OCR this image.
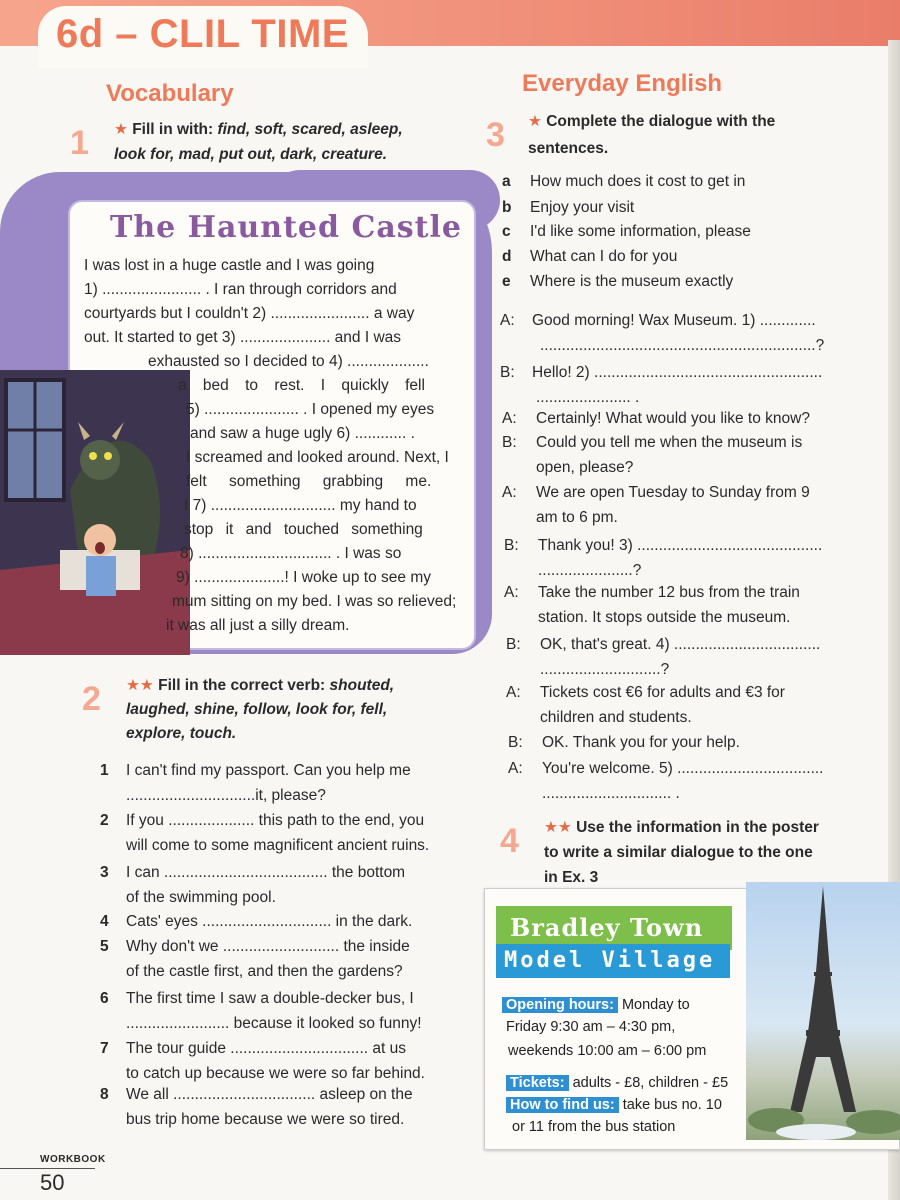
6d – CLIL TIME
Vocabulary
1 ★ Fill in with: find, soft, scared, asleep,
look for, mad, put out, dark, creature.
The Haunted Castle
I was lost in a huge castle and I was going
1) ....................... . I ran through corridors and
courtyards but I couldn't 2) ....................... a way
out. It started to get 3) ..................... and I was
exhausted so I decided to 4) ...................
a bed to rest. I quickly fell
5) ...................... . I opened my eyes
and saw a huge ugly 6) ............ .
I screamed and looked around. Next, I
felt something grabbing me.
I 7) ............................. my hand to
stop it and touched something
8) ............................... . I was so
9) .....................! I woke up to see my
mum sitting on my bed. I was so relieved;
it was all just a silly dream.
2 ★★ Fill in the correct verb: shouted,
laughed, shine, follow, look for, fell,
explore, touch.
1	I can't find my passport. Can you help me
..............................it, please?
2	If you .................... this path to the end, you
will come to some magnificent ancient ruins.
3	I can ...................................... the bottom
of the swimming pool.
4	Cats' eyes .............................. in the dark.
5	Why don't we ........................... the inside
of the castle first, and then the gardens?
6	The first time I saw a double-decker bus, I
........................ because it looked so funny!
7	The tour guide ................................ at us
to catch up because we were so far behind.
8	We all ................................. asleep on the
bus trip home because we were so tired.
Everyday English
3 ★ Complete the dialogue with the
sentences.
a How much does it cost to get in
b Enjoy your visit
c I'd like some information, please
d What can I do for you
e Where is the museum exactly
A:	Good morning! Wax Museum. 1) .............
................................................................?
B:	Hello! 2) .....................................................
...................... .
A:	Certainly! What would you like to know?
B:	Could you tell me when the museum is
open, please?
A:	We are open Tuesday to Sunday from 9
am to 6 pm.
B:	Thank you! 3) ...........................................
......................?
A:	Take the number 12 bus from the train
station. It stops outside the museum.
B:	OK, that's great. 4) ..................................
............................?
A:	Tickets cost €6 for adults and €3 for
children and students.
B:	OK. Thank you for your help.
A:	You're welcome. 5) ..................................
.............................. .
4 ★★ Use the information in the poster
to write a similar dialogue to the one
in Ex. 3
Bradley Town
Model Village
Opening hours: Monday to
Friday 9:30 am – 4:30 pm,
weekends 10:00 am – 6:00 pm
Tickets: adults - £8, children - £5
How to find us: take bus no. 10
or 11 from the bus station
WORKBOOK
50
